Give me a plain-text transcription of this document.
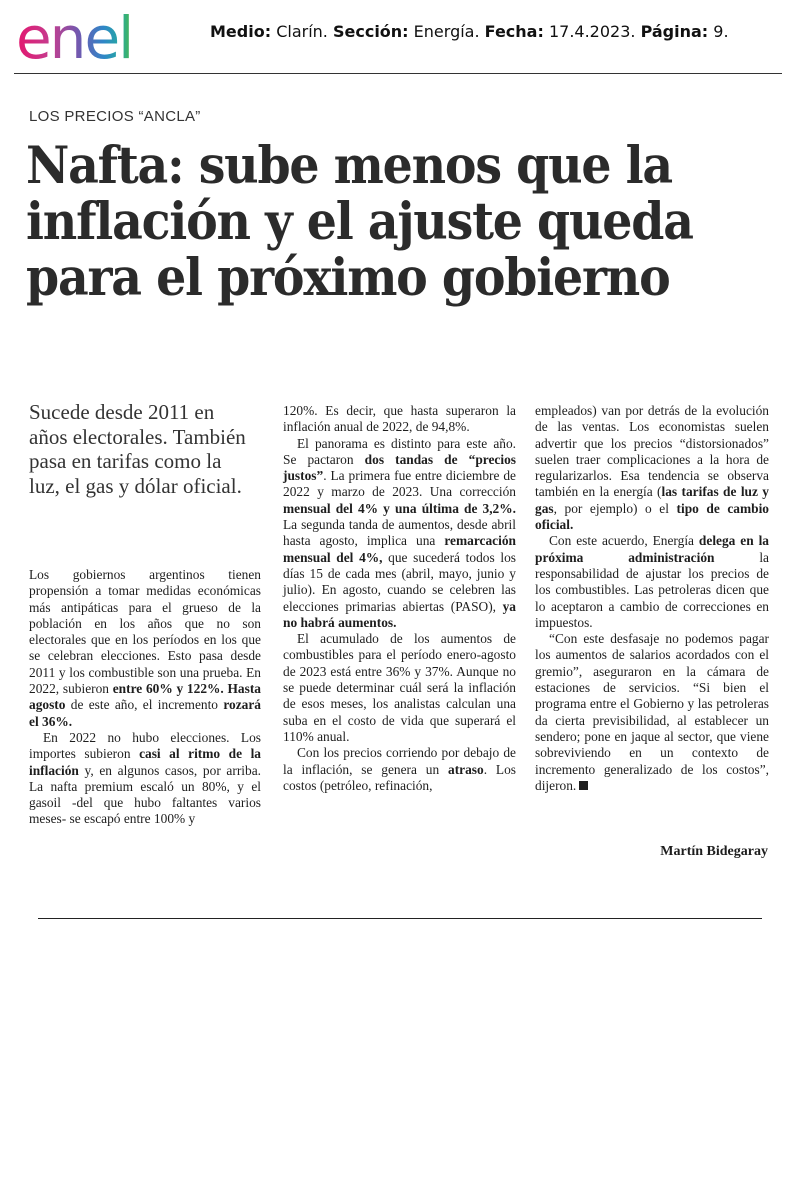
enel	Medio: Clarín. Sección: Energía. Fecha: 17.4.2023. Página: 9.
LOS PRECIOS “ANCLA”
Nafta: sube menos que la
inflación y el ajuste queda
para el próximo gobierno
Sucede desde 2011 en años electorales. También pasa en tarifas como la luz, el gas y dólar oficial.

Los gobiernos argentinos tienen propensión a tomar medidas económicas más antipáticas para el grueso de la población en los años que no son electorales que en los períodos en los que se celebran elecciones. Esto pasa desde 2011 y los combustible son una prueba. En 2022, subieron entre 60% y 122%. Hasta agosto de este año, el incremento rozará el 36%.

En 2022 no hubo elecciones. Los importes subieron casi al ritmo de la inflación y, en algunos casos, por arriba. La nafta premium escaló un 80%, y el gasoil -del que hubo faltantes varios meses- se escapó entre 100% y

120%. Es decir, que hasta superaron la inflación anual de 2022, de 94,8%.

El panorama es distinto para este año. Se pactaron dos tandas de “precios justos”. La primera fue entre diciembre de 2022 y marzo de 2023. Una corrección mensual del 4% y una última de 3,2%. La segunda tanda de aumentos, desde abril hasta agosto, implica una remarcación mensual del 4%, que sucederá todos los días 15 de cada mes (abril, mayo, junio y julio). En agosto, cuando se celebren las elecciones primarias abiertas (PASO), ya no habrá aumentos.

El acumulado de los aumentos de combustibles para el período enero-agosto de 2023 está entre 36% y 37%. Aunque no se puede determinar cuál será la inflación de esos meses, los analistas calculan una suba en el costo de vida que superará el 110% anual.

Con los precios corriendo por debajo de la inflación, se genera un atraso. Los costos (petróleo, refinación,

empleados) van por detrás de la evolución de las ventas. Los economistas suelen advertir que los precios “distorsionados” suelen traer complicaciones a la hora de regularizarlos. Esa tendencia se observa también en la energía (las tarifas de luz y gas, por ejemplo) o el tipo de cambio oficial.

Con este acuerdo, Energía delega en la próxima administración la responsabilidad de ajustar los precios de los combustibles. Las petroleras dicen que lo aceptaron a cambio de correcciones en impuestos.

“Con este desfasaje no podemos pagar los aumentos de salarios acordados con el gremio”, aseguraron en la cámara de estaciones de servicios. “Si bien el programa entre el Gobierno y las petroleras da cierta previsibilidad, al establecer un sendero; pone en jaque al sector, que viene sobreviviendo en un contexto de incremento generalizado de los costos”, dijeron.

Martín Bidegaray
